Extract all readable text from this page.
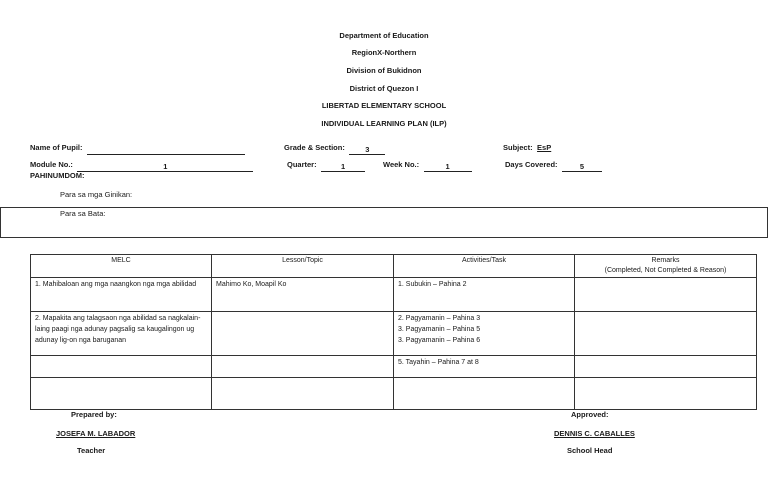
Department of Education
RegionX-Northern
Division of Bukidnon
District of Quezon I
LIBERTAD ELEMENTARY SCHOOL
INDIVIDUAL LEARNING PLAN (ILP)
Name of Pupil:	Grade & Section:	3	Subject: EsP
Module No.:	1	Quarter:	1	Week No.:	1	Days Covered:	5
PAHINUMDOM:
Para sa mga Ginikan:
Para sa Bata:
MELC	Lesson/Topic	Activities/Task	Remarks
(Completed, Not Completed & Reason)

1. Mahibaloan ang mga naangkon nga mga abilidad	Mahimo Ko, Moapil Ko	1. Subukin – Pahina 2	

2. Mapakita ang talagsaon nga abilidad sa nagkalain-laing paagi nga adunay pagsalig sa kaugalingon ug adunay lig-on nga baruganan		2. Pagyamanin – Pahina 3
3. Pagyamanin – Pahina 5
3. Pagyamanin – Pahina 6	

		5. Tayahin – Pahina 7 at 8	

Prepared by:
JOSEFA M. LABADOR
Teacher
Approved:
DENNIS C. CABALLES
School Head
